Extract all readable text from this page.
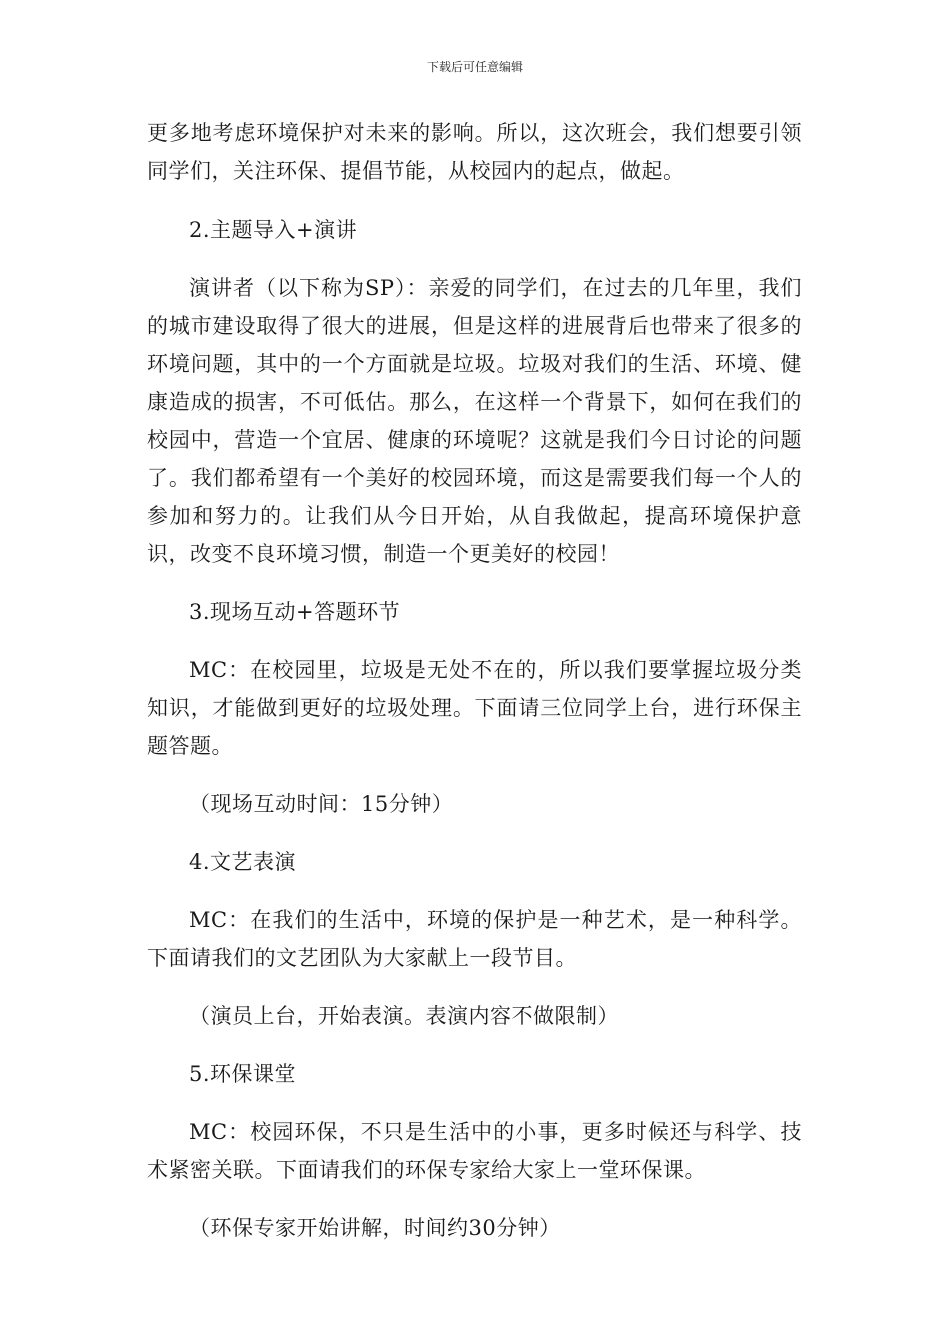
下载后可任意编辑

更多地考虑环境保护对未来的影响。所以，这次班会，我们想要引领同学们，关注环保、提倡节能，从校园内的起点，做起。

2.主题导入+演讲

演讲者（以下称为SP）：亲爱的同学们，在过去的几年里，我们的城市建设取得了很大的进展，但是这样的进展背后也带来了很多的环境问题，其中的一个方面就是垃圾。垃圾对我们的生活、环境、健康造成的损害，不可低估。那么，在这样一个背景下，如何在我们的校园中，营造一个宜居、健康的环境呢？这就是我们今日讨论的问题了。我们都希望有一个美好的校园环境，而这是需要我们每一个人的参加和努力的。让我们从今日开始，从自我做起，提高环境保护意识，改变不良环境习惯，制造一个更美好的校园！

3.现场互动+答题环节

MC：在校园里，垃圾是无处不在的，所以我们要掌握垃圾分类知识，才能做到更好的垃圾处理。下面请三位同学上台，进行环保主题答题。

（现场互动时间：15分钟）

4.文艺表演

MC：在我们的生活中，环境的保护是一种艺术，是一种科学。下面请我们的文艺团队为大家献上一段节目。

（演员上台，开始表演。表演内容不做限制）

5.环保课堂

MC：校园环保，不只是生活中的小事，更多时候还与科学、技术紧密关联。下面请我们的环保专家给大家上一堂环保课。

（环保专家开始讲解，时间约30分钟）
